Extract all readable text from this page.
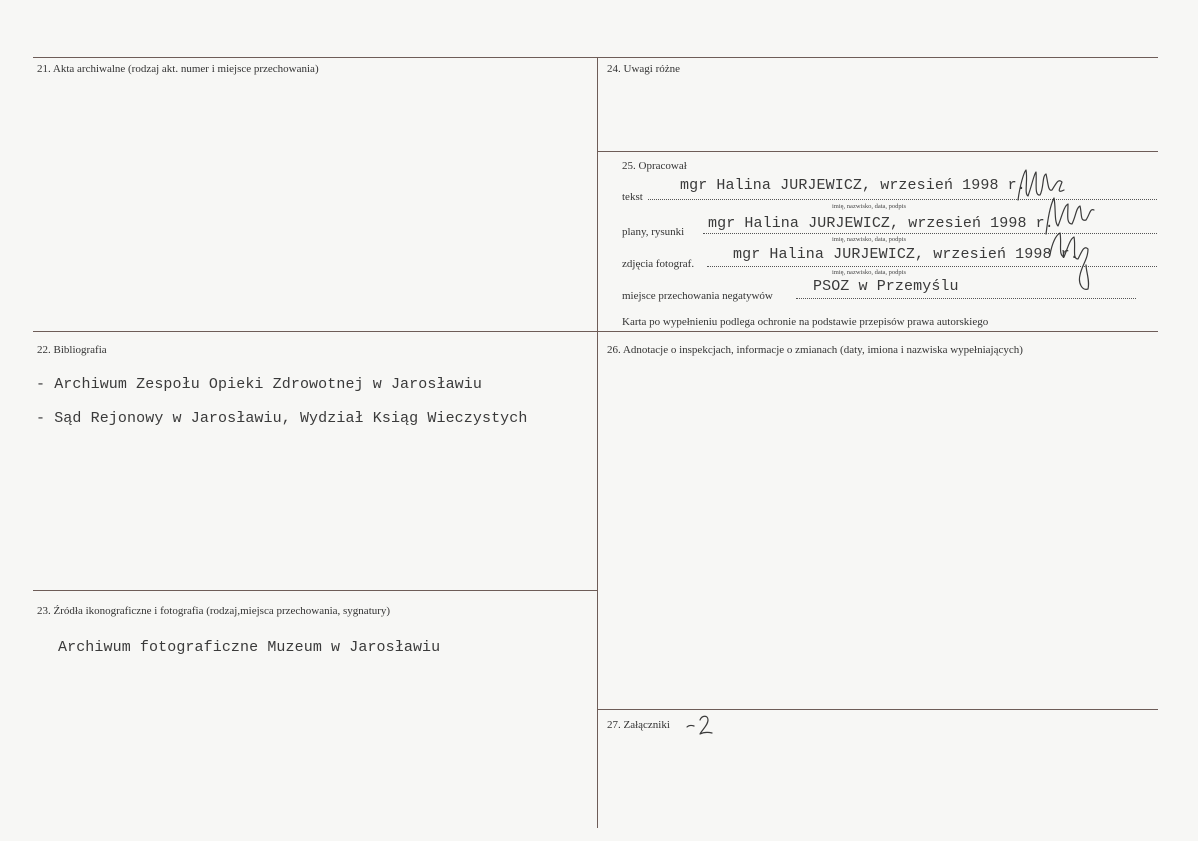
21. Akta archiwalne (rodzaj akt. numer i miejsce przechowania)	24. Uwagi różne
25. Opracował
tekst
mgr Halina JURJEWICZ, wrzesień 1998 r.
imię, nazwisko, data, podpis
plany, rysunki mgr Halina JURJEWICZ, wrzesień 1998 r.
imię, nazwisko, data, podpis
zdjęcia fotograf.
mgr Halina JURJEWICZ, wrzesień 1998 r.
imię, nazwisko, data, podpis
miejsce przechowania negatywów
PSOZ w Przemyślu
Karta po wypełnieniu podlega ochronie na podstawie przepisów prawa autorskiego
22. Bibliografia
- Archiwum Zespołu Opieki Zdrowotnej w Jarosławiu
- Sąd Rejonowy w Jarosławiu, Wydział Ksiąg Wieczystych
26. Adnotacje o inspekcjach, informacje o zmianach (daty, imiona i nazwiska wypełniających)
23. Źródła ikonograficzne i fotografia (rodzaj,miejsca przechowania, sygnatury)
Archiwum fotograficzne Muzeum w Jarosławiu
27. Załączniki
